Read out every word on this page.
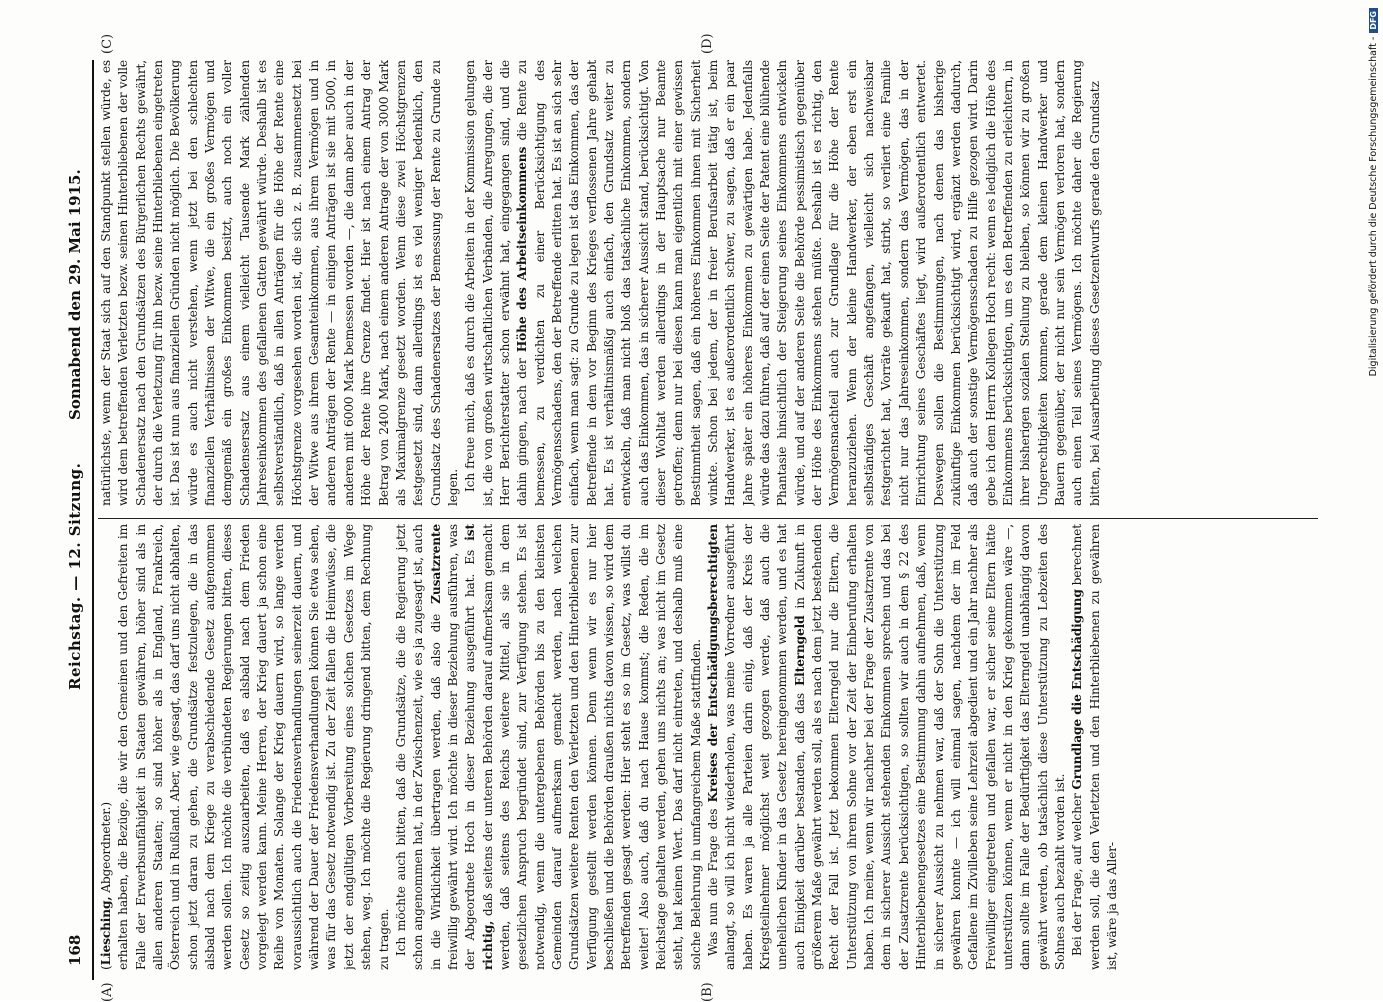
168
Reichstag. — 12. Sitzung.
Sonnabend den 29. Mai 1915.
(A)	(B)
(C)	(D)

(Liesching, Abgeordneter.) erhalten haben, die Bezüge, die wir den Gemeinen und den Gefreiten im Falle der Erwerbsunfähigkeit in Staaten gewähren, höher sind als in allen anderen Staaten; so sind höher als in England, Frankreich, Österreich und in Rußland. Aber, wie gesagt, das darf uns nicht abhalten, schon jetzt daran zu gehen, die Grundsätze festzulegen, die in das alsbald nach dem Kriege zu verabschiedende Gesetz aufgenommen werden sollen. Ich möchte die verbündeten Regierungen bitten, dieses Gesetz so zeitig auszuarbeiten, daß es alsbald nach dem Frieden vorgelegt werden kann. Meine Herren, der Krieg dauert ja schon eine Reihe von Monaten. Solange der Krieg dauern wird, so lange werden voraussichtlich auch die Friedensverhandlungen seinerzeit dauern, und während der Dauer der Friedensverhandlungen können Sie etwa sehen, was für das Gesetz notwendig ist. Zu der Zeit fallen die Heimwüsse, die jetzt der endgültigen Vorbereitung eines solchen Gesetzes im Wege stehen, weg. Ich möchte die Regierung dringend bitten, dem Rechnung zu tragen. Ich möchte auch bitten, daß die Grundsätze, die die Regierung jetzt schon angenommen hat, in der Zwischenzeit, wie es ja zugesagt ist, auch in die Wirklichkeit übertragen werden, daß also die Zusatzrente freiwillig gewährt wird. Ich möchte in dieser Beziehung ausführen, was der Abgeordnete Hoch in dieser Beziehung ausgeführt hat. Es ist richtig, daß seitens der unteren Behörden darauf aufmerksam gemacht werden, daß seitens des Reichs weitere Mittel, als sie in dem gesetzlichen Anspruch begründet sind, zur Verfügung stehen. Es ist notwendig, wenn die untergebenen Behörden bis zu den kleinsten Gemeinden darauf aufmerksam gemacht werden, nach welchen Grundsätzen weitere Renten den Verletzten und den Hinterbliebenen zur Verfügung gestellt werden können. Denn wenn wir es nur hier beschließen und die Behörden draußen nichts davon wissen, so wird dem Betreffenden gesagt werden: Hier steht es so im Gesetz, was willst du weiter! Also auch, daß du nach Hause kommst; die Reden, die im Reichstage gehalten werden, gehen uns nichts an; was nicht im Gesetz steht, hat keinen Wert. Das darf nicht eintreten, und deshalb muß eine solche Belehrung in umfangreichem Maße stattfinden. Was nun die Frage des Kreises der Entschädigungsberechtigten anlangt, so will ich nicht wiederholen, was meine Vorredner ausgeführt haben. Es waren ja alle Parteien darin einig, daß der Kreis der Kriegsteilnehmer möglichst weit gezogen werde, daß auch die unehelichen Kinder in das Gesetz hereingenommen werden, und es hat auch Einigkeit darüber bestanden, daß das Elterngeld in Zukunft in größerem Maße gewährt werden soll, als es nach dem jetzt bestehenden Recht der Fall ist. Jetzt bekommen Elterngeld nur die Eltern, die Unterstützung von ihrem Sohne vor der Zeit der Einberufung erhalten haben. Ich meine, wenn wir nachher bei der Frage der Zusatzrente von dem in sicherer Aussicht stehenden Einkommen sprechen und das bei der Zusatzrente berücksichtigen, so sollten wir auch in dem § 22 des Hinterbliebenengesetzes eine Bestimmung dahin aufnehmen, daß, wenn in sicherer Aussicht zu nehmen war, daß der Sohn die Unterstützung gewähren konnte — ich will einmal sagen, nachdem der im Feld Gefallene im Zivilleben seine Lehrzeit abgedient und ein Jahr nachher als Freiwilliger eingetreten und gefallen war, er sicher seine Eltern hätte unterstützen können, wenn er nicht in den Krieg gekommen wäre —, dann sollte im Falle der Bedürftigkeit das Elterngeld unabhängig davon gewährt werden, ob tatsächlich diese Unterstützung zu Lebzeiten des Sohnes auch bezahlt worden ist. Bei der Frage, auf welcher Grundlage die Entschädigung berechnet werden soll, die den Verletzten und den Hinterbliebenen zu gewähren ist, wäre ja das Aller-

natürlichste, wenn der Staat sich auf den Standpunkt stellen würde, es wird dem betreffenden Verletzten bezw. seinen Hinterbliebenen der volle Schadenersatz nach den Grundsätzen des Bürgerlichen Rechts gewährt, der durch die Verletzung für ihn bezw. seine Hinterbliebenen eingetreten ist. Das ist nun aus finanziellen Gründen nicht möglich. Die Bevölkerung würde es auch nicht verstehen, wenn jetzt bei den schlechten finanziellen Verhältnissen der Witwe, die ein großes Vermögen und demgemäß ein großes Einkommen besitzt, auch noch ein voller Schadensersatz aus einem vielleicht Tausende Mark zählenden Jahreseinkommen des gefallenen Gatten gewährt würde. Deshalb ist es selbstverständlich, daß in allen Anträgen für die Höhe der Rente eine Höchstgrenze vorgesehen worden ist, die sich z. B. zusammensetzt bei der Witwe aus ihrem Gesamteinkommen, aus ihrem Vermögen und in anderen Anträgen der Rente — in einigen Anträgen ist sie mit 5000, in anderen mit 6000 Mark bemessen worden —, die dann aber auch in der Höhe der Rente ihre Grenze findet. Hier ist nach einem Antrag der Betrag von 2400 Mark, nach einem anderen Antrage der von 3000 Mark als Maximalgrenze gesetzt worden. Wenn diese zwei Höchstgrenzen festgesetzt sind, dann allerdings ist es viel weniger bedenklich, den Grundsatz des Schadenersatzes der Bemessung der Rente zu Grunde zu legen. Ich freue mich, daß es durch die Arbeiten in der Kommission gelungen ist, die von großen wirtschaftlichen Verbänden, die Anregungen, die der Herr Berichterstatter schon erwähnt hat, eingegangen sind, und die dahin gingen, nach der Höhe des Arbeitseinkommens die Rente zu bemessen, zu verdichten zu einer Berücksichtigung des Vermögensschadens, den der Betreffende erlitten hat. Es ist an sich sehr einfach, wenn man sagt: zu Grunde zu legen ist das Einkommen, das der Betreffende in dem vor Beginn des Krieges verflossenen Jahre gehabt hat. Es ist verhältnismäßig auch einfach, den Grundsatz weiter zu entwickeln, daß man nicht bloß das tatsächliche Einkommen, sondern auch das Einkommen, das in sicherer Aussicht stand, berücksichtigt. Von dieser Wohltat werden allerdings in der Hauptsache nur Beamte getroffen; denn nur bei diesen kann man eigentlich mit einer gewissen Bestimmtheit sagen, daß ein höheres Einkommen ihnen mit Sicherheit winkte. Schon bei jedem, der in freier Berufsarbeit tätig ist, beim Handwerker, ist es außerordentlich schwer, zu sagen, daß er ein paar Jahre später ein höheres Einkommen zu gewärtigen habe. Jedenfalls würde das dazu führen, daß auf der einen Seite der Patent eine blühende Phantasie hinsichtlich der Steigerung seines Einkommens entwickeln würde, und auf der anderen Seite die Behörde pessimistisch gegenüber der Höhe des Einkommens stehen müßte. Deshalb ist es richtig, den Vermögensnachteil auch zur Grundlage für die Höhe der Rente heranzuziehen. Wenn der kleine Handwerker, der eben erst ein selbständiges Geschäft angefangen, vielleicht sich nachweisbar festgerichtet hat, Vorräte gekauft hat, stirbt, so verliert eine Familie nicht nur das Jahreseinkommen, sondern das Vermögen, das in der Einrichtung seines Geschäftes liegt, wird außerordentlich entwertet. Deswegen sollen die Bestimmungen, nach denen das bisherige zukünftige Einkommen berücksichtigt wird, ergänzt werden dadurch, daß auch der sonstige Vermögensschaden zu Hilfe gezogen wird. Darin gebe ich dem Herrn Kollegen Hoch recht: wenn es lediglich die Höhe des Einkommens berücksichtigen, um es den Betreffenden zu erleichtern, in ihrer bisherigen sozialen Stellung zu bleiben, so können wir zu großen Ungerechtigkeiten kommen, gerade dem kleinen Handwerker und Bauern gegenüber, der nicht nur sein Vermögen verloren hat, sondern auch einen Teil seines Vermögens. Ich möchte daher die Regierung bitten, bei Ausarbeitung dieses Gesetzentwurfs gerade den Grundsatz	Digitalisierung gefördert durch die Deutsche Forschungsgemeinschaft -
DFG
